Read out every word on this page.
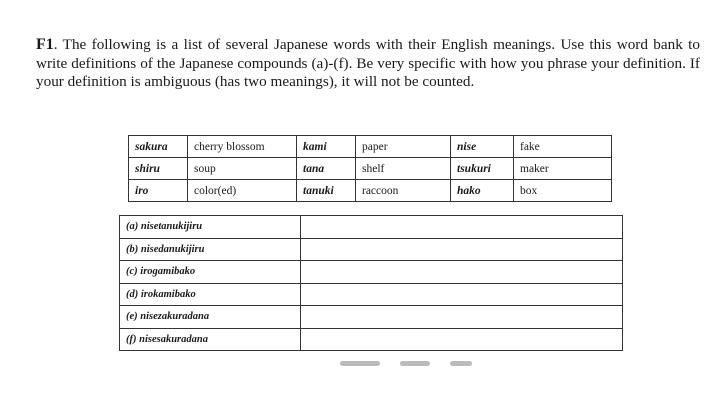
F1. The following is a list of several Japanese words with their English meanings. Use this word bank to write definitions of the Japanese compounds (a)-(f). Be very specific with how you phrase your definition. If your definition is ambiguous (has two meanings), it will not be counted.

sakura	cherry blossom	kami	paper	nise	fake
shiru	soup	tana	shelf	tsukuri	maker
iro	color(ed)	tanuki	raccoon	hako	box
(a) nisetanukijiru	
(b) nisedanukijiru	
(c) irogamibako	
(d) irokamibako	
(e) nisezakuradana	
(f) nisesakuradana	
